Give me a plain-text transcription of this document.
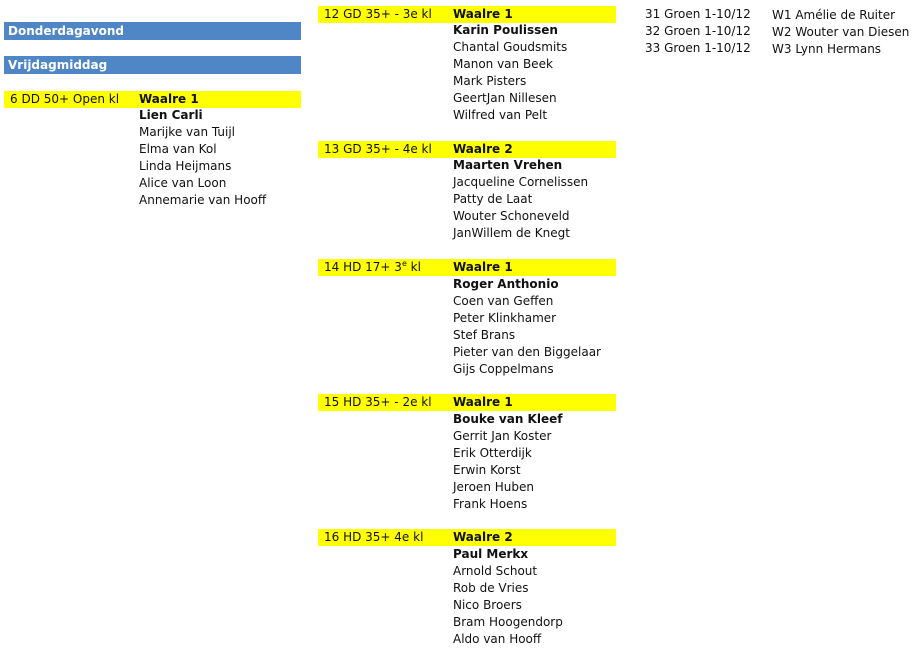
Donderdagavond
Vrijdagmiddag
6 DD 50+ Open kl Waalre 1
Lien Carli
Marijke van Tuijl
Elma van Kol
Linda Heijmans
Alice van Loon
Annemarie van Hooff
12 GD 35+ - 3e kl Waalre 1
Karin Poulissen
Chantal Goudsmits
Manon van Beek
Mark Pisters
GeertJan Nillesen
Wilfred van Pelt
13 GD 35+ - 4e kl Waalre 2
Maarten Vrehen
Jacqueline Cornelissen
Patty de Laat
Wouter Schoneveld
JanWillem de Knegt
14 HD $17+ 3^e$ kl	Waalre 1
Roger Anthonio
Coen van Geffen
Peter Klinkhamer
Stef Brans
Pieter van den Biggelaar
Gijs Coppelmans
15 HD 35+ - 2e kl Waalre 1
Bouke van Kleef
Gerrit Jan Koster
Erik Otterdijk
Erwin Korst
Jeroen Huben
Frank Hoens
16 HD 35+ 4e kl Waalre 2
Paul Merkx
Arnold Schout
Rob de Vries
Nico Broers
Bram Hoogendorp
Aldo van Hooff
31 Groen 1-10/12
32 Groen 1-10/12
33 Groen 1-10/12
W1 Amélie de Ruiter
W2 Wouter van Diesen
W3 Lynn Hermans
